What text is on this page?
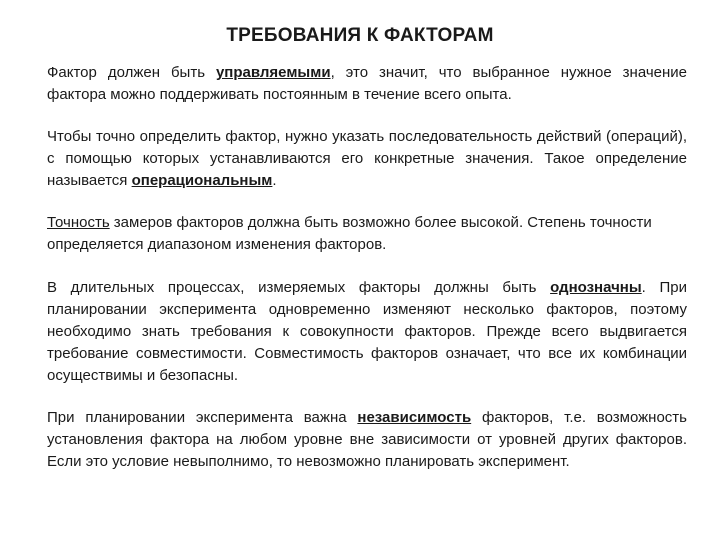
ТРЕБОВАНИЯ К ФАКТОРАМ

Фактор должен быть управляемыми, это значит, что выбранное нужное значение фактора можно поддерживать постоянным в течение всего опыта.

Чтобы точно определить фактор, нужно указать последовательность действий (операций), с помощью которых устанавливаются его конкретные значения. Такое определение называется операциональным.

Точность замеров факторов должна быть возможно более высокой. Степень точности определяется диапазоном изменения факторов.

В длительных процессах, измеряемых факторы должны быть однозначны. При планировании эксперимента одновременно изменяют несколько факторов, поэтому необходимо знать требования к совокупности факторов. Прежде всего выдвигается требование совместимости. Совместимость факторов означает, что все их комбинации осуществимы и безопасны.

При планировании эксперимента важна независимость факторов, т.е. возможность установления фактора на любом уровне вне зависимости от уровней других факторов. Если это условие невыполнимо, то невозможно планировать эксперимент.
